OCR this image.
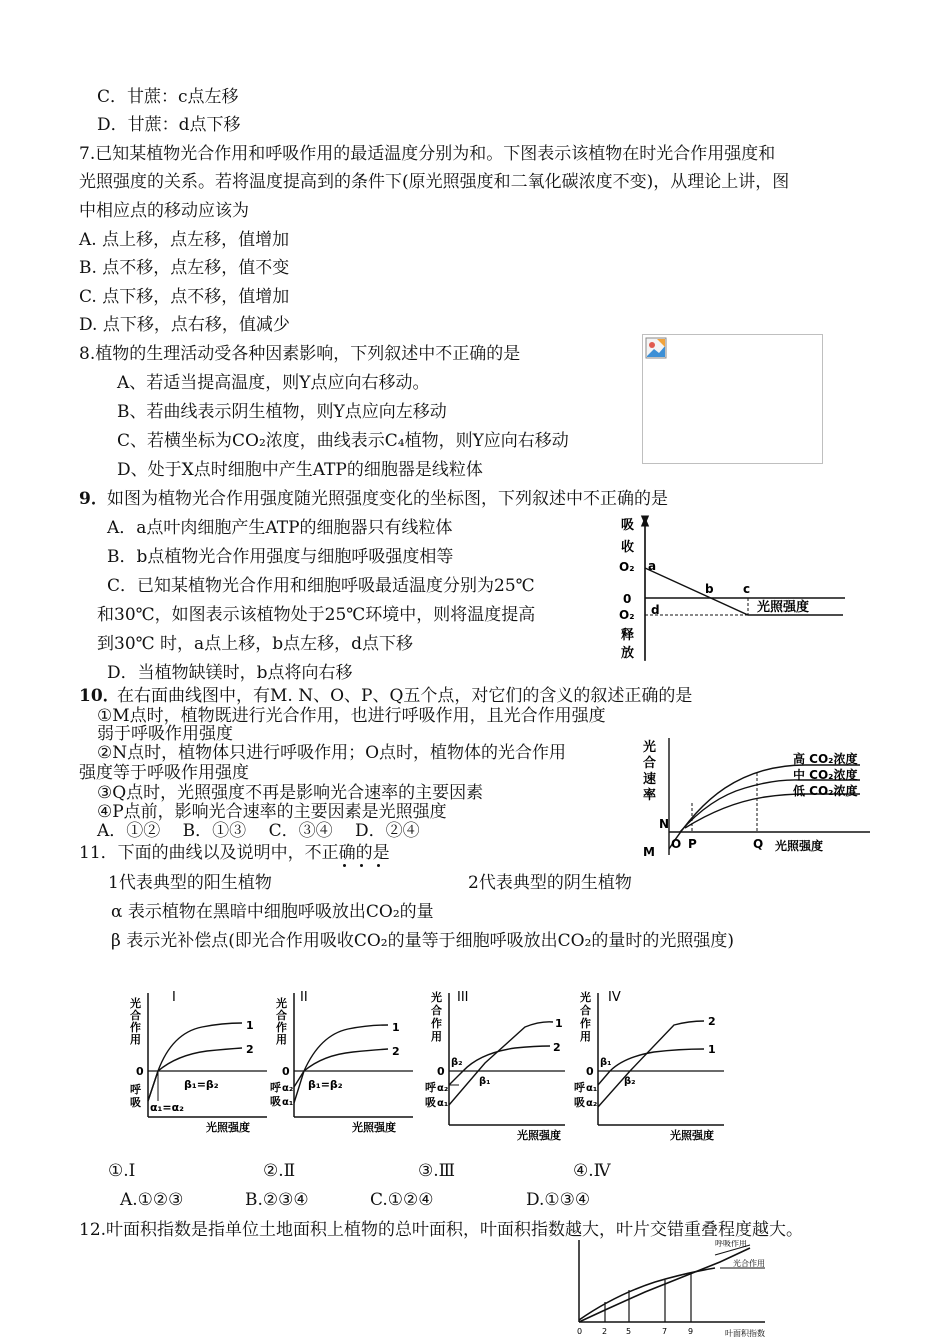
C．甘蔗：c点左移
D．甘蔗：d点下移
7.已知某植物光合作用和呼吸作用的最适温度分别为和。下图表示该植物在时光合作用强度和
光照强度的关系。若将温度提高到的条件下(原光照强度和二氧化碳浓度不变)，从理论上讲，图
中相应点的移动应该为
A. 点上移，点左移，值增加
B. 点不移，点左移，值不变
C. 点下移，点不移，值增加
D. 点下移，点右移，值减少
8.植物的生理活动受各种因素影响，下列叙述中不正确的是
A、若适当提高温度，则Y点应向右移动。
B、若曲线表示阴生植物，则Y点应向左移动
C、若横坐标为CO₂浓度，曲线表示C₄植物，则Y应向右移动
D、处于X点时细胞中产生ATP的细胞器是线粒体
9． 如图为植物光合作用强度随光照强度变化的坐标图，下列叙述中不正确的是
A．a点叶肉细胞产生ATP的细胞器只有线粒体
B．b点植物光合作用强度与细胞呼吸强度相等
C．已知某植物光合作用和细胞呼吸最适温度分别为25℃
和30℃，如图表示该植物处于25℃环境中，则将温度提高
到30℃ 时，a点上移，b点左移，d点下移
D．当植物缺镁时，b点将向右移
吸
收
O₂
0
O₂
释
放
a
b c
d	光照强度
10．
在右面曲线图中，有M. N、O、P、Q五个点，对它们的含义的叙述正确的是
①M点时，植物既进行光合作用，也进行呼吸作用，且光合作用强度
弱于呼吸作用强度
②N点时，植物体只进行呼吸作用；O点时，植物体的光合作用
强度等于呼吸作用强度
③Q点时，光照强度不再是影响光合速率的主要因素
④P点前，影响光合速率的主要因素是光照强度
A．①②　 B．①③　 C．③④　 D．②④
光
合
速
率
高 CO₂浓度
中 CO₂浓度
低 CO₂浓度
N
M
O P	Q 光照强度
11．下面的曲线以及说明中，不正确的是
1代表典型的阳生植物	2代表典型的阴生植物
α 表示植物在黑暗中细胞呼吸放出CO₂的量
β 表示光补偿点(即光合作用吸收CO₂的量等于细胞呼吸放出CO₂的量时的光照强度)
I
光
合
作
用
0
呼
吸
1
2
β₁=β₂
α₁=α₂
光照强度
II
光
合
作
用
0
呼 α₂
吸 α₁
1
2
β₁=β₂
光照强度
III
光
合
作
用
0
呼 α₂
吸 α₁
β₂
β₁
1
2
光照强度
IV
光
合
作
用
0
呼 α₁
吸 α₂
β₁
β₂
1
2
光照强度
①.Ⅰ	②.Ⅱ	③.Ⅲ	④.Ⅳ
A.①②③	B.②③④	C.①②④	D.①③④
12.叶面积指数是指单位土地面积上植物的总叶面积，叶面积指数越大，叶片交错重叠程度越大。
呼吸作用
光合作用
0 2 5	7	9	叶面积指数
